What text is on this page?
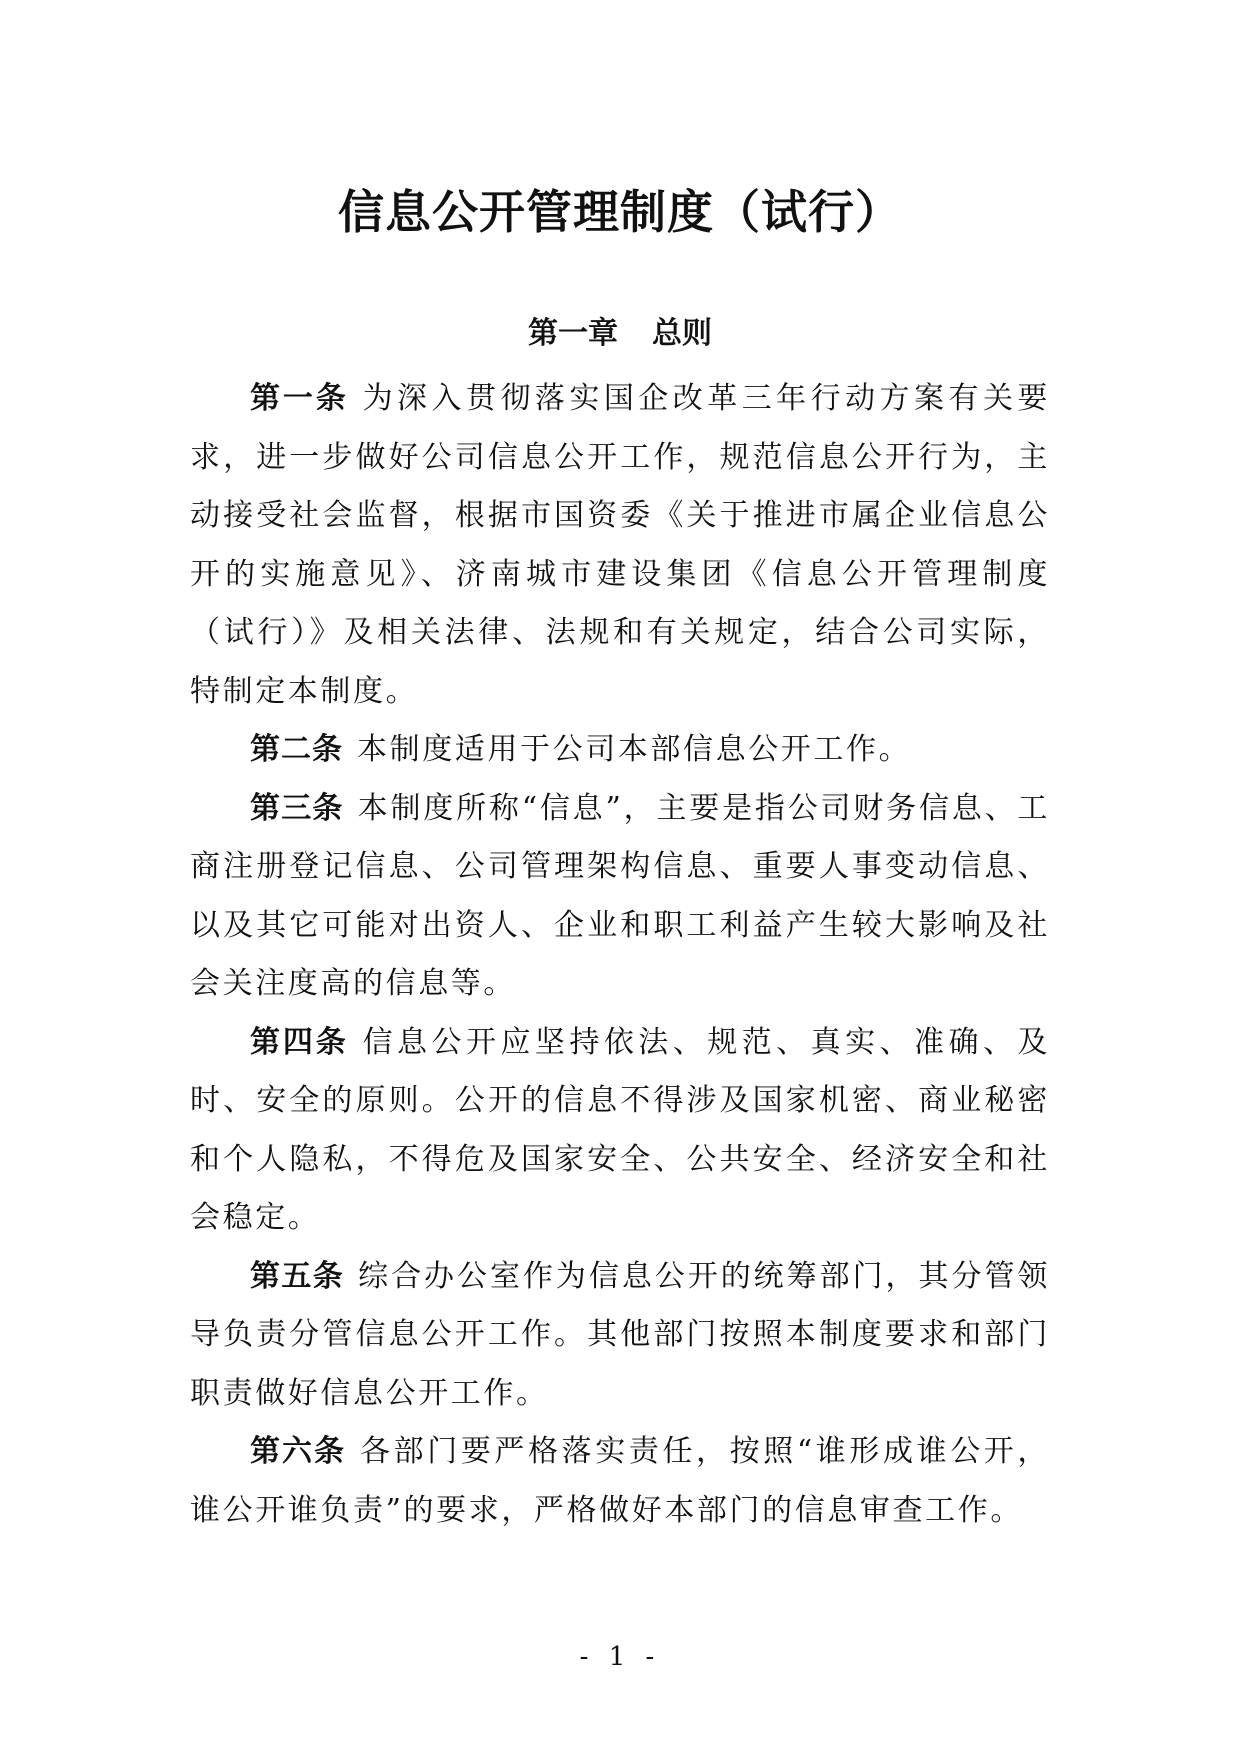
信息公开管理制度（试行）
第一章 总则

第一条 为深入贯彻落实国企改革三年行动方案有关要求，进一步做好公司信息公开工作，规范信息公开行为，主动接受社会监督，根据市国资委《关于推进市属企业信息公开的实施意见》、济南城市建设集团《信息公开管理制度（试行）》及相关法律、法规和有关规定，结合公司实际，特制定本制度。

第二条 本制度适用于公司本部信息公开工作。

第三条 本制度所称“信息”，主要是指公司财务信息、工商注册登记信息、公司管理架构信息、重要人事变动信息、以及其它可能对出资人、企业和职工利益产生较大影响及社会关注度高的信息等。

第四条 信息公开应坚持依法、规范、真实、准确、及时、安全的原则。公开的信息不得涉及国家机密、商业秘密和个人隐私，不得危及国家安全、公共安全、经济安全和社会稳定。

第五条 综合办公室作为信息公开的统筹部门，其分管领导负责分管信息公开工作。其他部门按照本制度要求和部门职责做好信息公开工作。

第六条 各部门要严格落实责任，按照“谁形成谁公开，谁公开谁负责”的要求，严格做好本部门的信息审查工作。

- 1 -
